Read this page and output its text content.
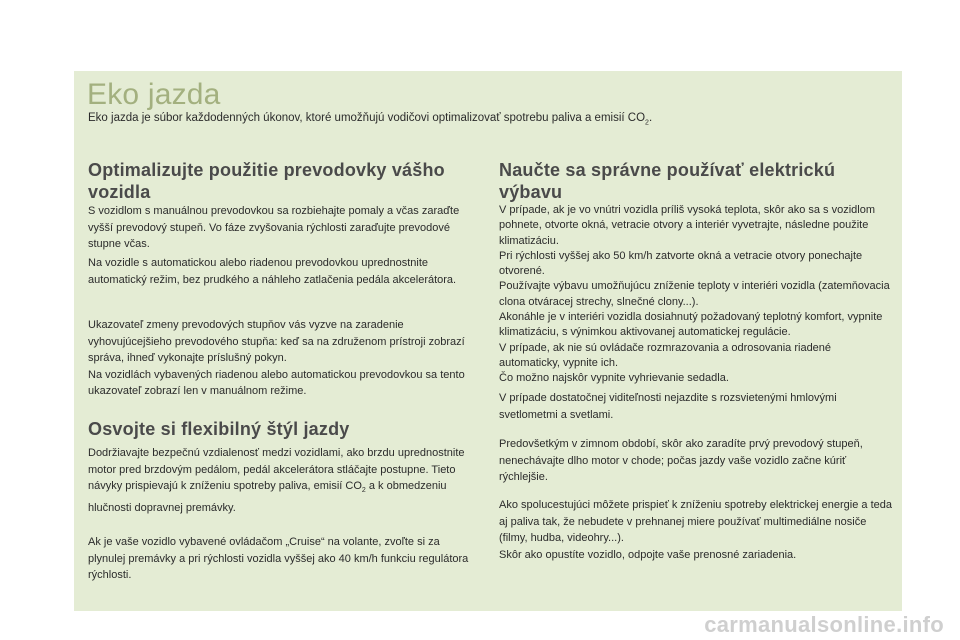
Eko jazda
Eko jazda je súbor každodenných úkonov, ktoré umožňujú vodičovi optimalizovať spotrebu paliva a emisií $CO_2$.
Optimalizujte použitie prevodovky vášho vozidla

S vozidlom s manuálnou prevodovkou sa rozbiehajte pomaly a včas zaraďte vyšší prevodový stupeň. Vo fáze zvyšovania rýchlosti zaraďujte prevodové stupne včas.

Na vozidle s automatickou alebo riadenou prevodovkou uprednostnite automatický režim, bez prudkého a náhleho zatlačenia pedála akcelerátora.

Ukazovateľ zmeny prevodových stupňov vás vyzve na zaradenie vyhovujúcejšieho prevodového stupňa: keď sa na združenom prístroji zobrazí správa, ihneď vykonajte príslušný pokyn.
Na vozidlách vybavených riadenou alebo automatickou prevodovkou sa tento ukazovateľ zobrazí len v manuálnom režime.

Osvojte si flexibilný štýl jazdy

Dodržiavajte bezpečnú vzdialenosť medzi vozidlami, ako brzdu uprednostnite motor pred brzdovým pedálom, pedál akcelerátora stláčajte postupne. Tieto návyky prispievajú k zníženiu spotreby paliva, emisií $CO_2$ a k obmedzeniu hlučnosti dopravnej premávky.

Ak je vaše vozidlo vybavené ovládačom „Cruise“ na volante, zvoľte si za plynulej premávky a pri rýchlosti vozidla vyššej ako 40 km/h funkciu regulátora rýchlosti.

Naučte sa správne používať elektrickú výbavu

V prípade, ak je vo vnútri vozidla príliš vysoká teplota, skôr ako sa s vozidlom pohnete, otvorte okná, vetracie otvory a interiér vyvetrajte, následne použite klimatizáciu.
Pri rýchlosti vyššej ako 50 km/h zatvorte okná a vetracie otvory ponechajte otvorené.
Používajte výbavu umožňujúcu zníženie teploty v interiéri vozidla (zatemňovacia clona otváracej strechy, slnečné clony...).
Akonáhle je v interiéri vozidla dosiahnutý požadovaný teplotný komfort, vypnite klimatizáciu, s výnimkou aktivovanej automatickej regulácie.
V prípade, ak nie sú ovládače rozmrazovania a odrosovania riadené automaticky, vypnite ich.
Čo možno najskôr vypnite vyhrievanie sedadla.

V prípade dostatočnej viditeľnosti nejazdite s rozsvietenými hmlovými svetlometmi a svetlami.

Predovšetkým v zimnom období, skôr ako zaradíte prvý prevodový stupeň, nenechávajte dlho motor v chode; počas jazdy vaše vozidlo začne kúriť rýchlejšie.

Ako spolucestujúci môžete prispieť k zníženiu spotreby elektrickej energie a teda aj paliva tak, že nebudete v prehnanej miere používať multimediálne nosiče (filmy, hudba, videohry...).
Skôr ako opustíte vozidlo, odpojte vaše prenosné zariadenia.

carmanualsonline.info
